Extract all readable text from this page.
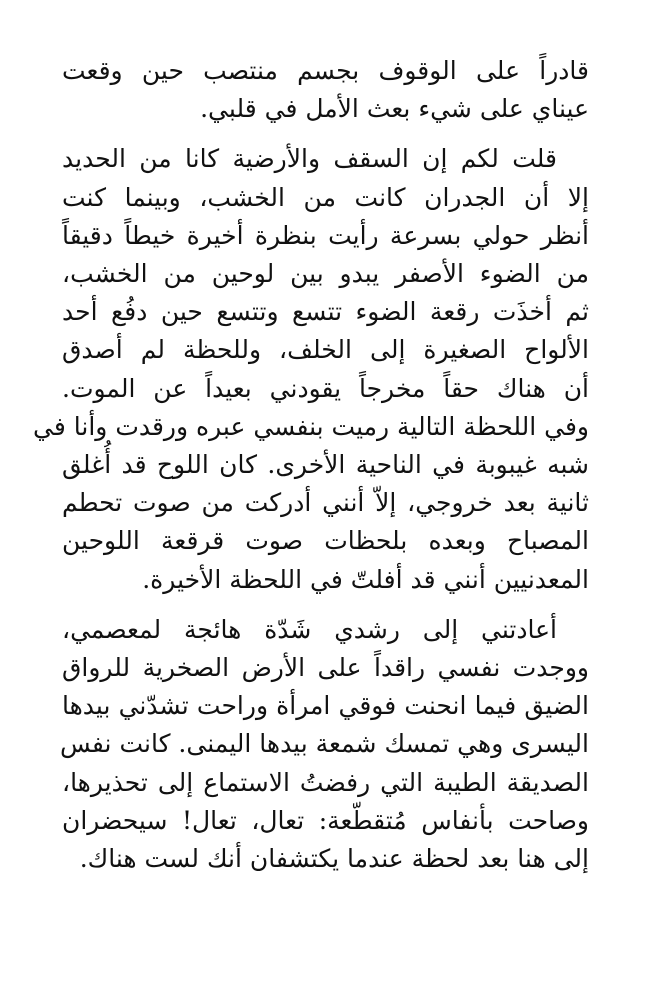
قادراً على الوقوف بجسم منتصب حين وقعت
عيناي على شيء بعث الأمل في قلبي.

قلت لكم إن السقف والأرضية كانا من الحديد
إلا أن الجدران كانت من الخشب، وبينما كنت
أنظر حولي بسرعة رأيت بنظرة أخيرة خيطاً دقيقاً
من الضوء الأصفر يبدو بين لوحين من الخشب،
ثم أخذَت رقعة الضوء تتسع وتتسع حين دفُع أحد
الألواح الصغيرة إلى الخلف، وللحظة لم أصدق
أن هناك حقاً مخرجاً يقودني بعيداً عن الموت.
وفي اللحظة التالية رميت بنفسي عبره ورقدت وأنا في
شبه غيبوبة في الناحية الأخرى. كان اللوح قد أُغلق
ثانية بعد خروجي، إلاّ أنني أدركت من صوت تحطم
المصباح وبعده بلحظات صوت قرقعة اللوحين
المعدنيين أنني قد أفلتّ في اللحظة الأخيرة.

أعادتني إلى رشدي شَدّة هائجة لمعصمي،
ووجدت نفسي راقداً على الأرض الصخرية للرواق
الضيق فيما انحنت فوقي امرأة وراحت تشدّني بيدها
اليسرى وهي تمسك شمعة بيدها اليمنى. كانت نفس
الصديقة الطيبة التي رفضتُ الاستماع إلى تحذيرها،
وصاحت بأنفاس مُتقطّعة: تعال، تعال! سيحضران
إلى هنا بعد لحظة عندما يكتشفان أنك لست هناك.
